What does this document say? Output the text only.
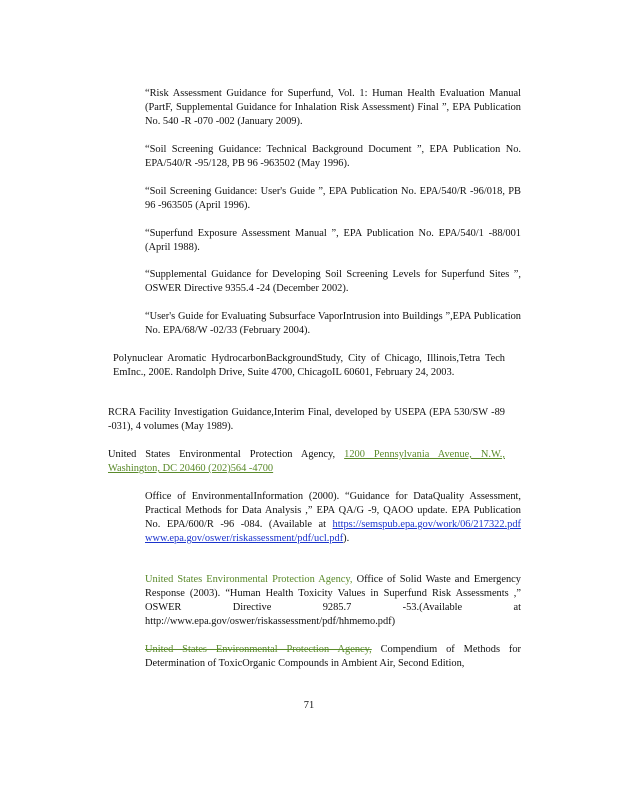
“Risk Assessment Guidance for Superfund, Vol. 1: Human Health Evaluation Manual (PartF, Supplemental Guidance for Inhalation Risk Assessment) Final ”, EPA Publication No. 540 -R -070 -002 (January 2009).

“Soil Screening Guidance: Technical Background Document ”, EPA Publication No. EPA/540/R -95/128, PB 96 -963502 (May 1996).

“Soil Screening Guidance: User's Guide ”, EPA Publication No. EPA/540/R -96/018, PB 96 -963505 (April 1996).

“Superfund Exposure Assessment Manual ”, EPA Publication No. EPA/540/1 -88/001 (April 1988).

“Supplemental Guidance for Developing Soil Screening Levels for Superfund Sites ”, OSWER Directive 9355.4 -24 (December 2002).

“User's Guide for Evaluating Subsurface VaporIntrusion into Buildings ”,EPA Publication No. EPA/68/W -02/33 (February 2004).

Polynuclear Aromatic HydrocarbonBackgroundStudy, City of Chicago, Illinois,Tetra Tech EmInc., 200E. Randolph Drive, Suite 4700, ChicagoIL 60601, February 24, 2003.

RCRA Facility Investigation Guidance,Interim Final, developed by USEPA (EPA 530/SW -89 -031), 4 volumes (May 1989).

United States Environmental Protection Agency, 1200 Pennsylvania Avenue, N.W., Washington, DC 20460 (202)564 -4700

Office of EnvironmentalInformation (2000). “Guidance for DataQuality Assessment, Practical Methods for Data Analysis ,” EPA QA/G -9, QAOO update. EPA Publication No. EPA/600/R -96 -084. (Available at https://semspub.epa.gov/work/06/217322.pdf www.epa.gov/oswer/riskassessment/pdf/ucl.pdf).

United States Environmental Protection Agency, Office of Solid Waste and Emergency Response (2003). “Human Health Toxicity Values in Superfund Risk Assessments ,” OSWER Directive 9285.7 -53.(Available at http://www.epa.gov/oswer/riskassessment/pdf/hhmemo.pdf)

United States Environmental Protection Agency, Compendium of Methods for Determination of ToxicOrganic Compounds in Ambient Air, Second Edition,

71
